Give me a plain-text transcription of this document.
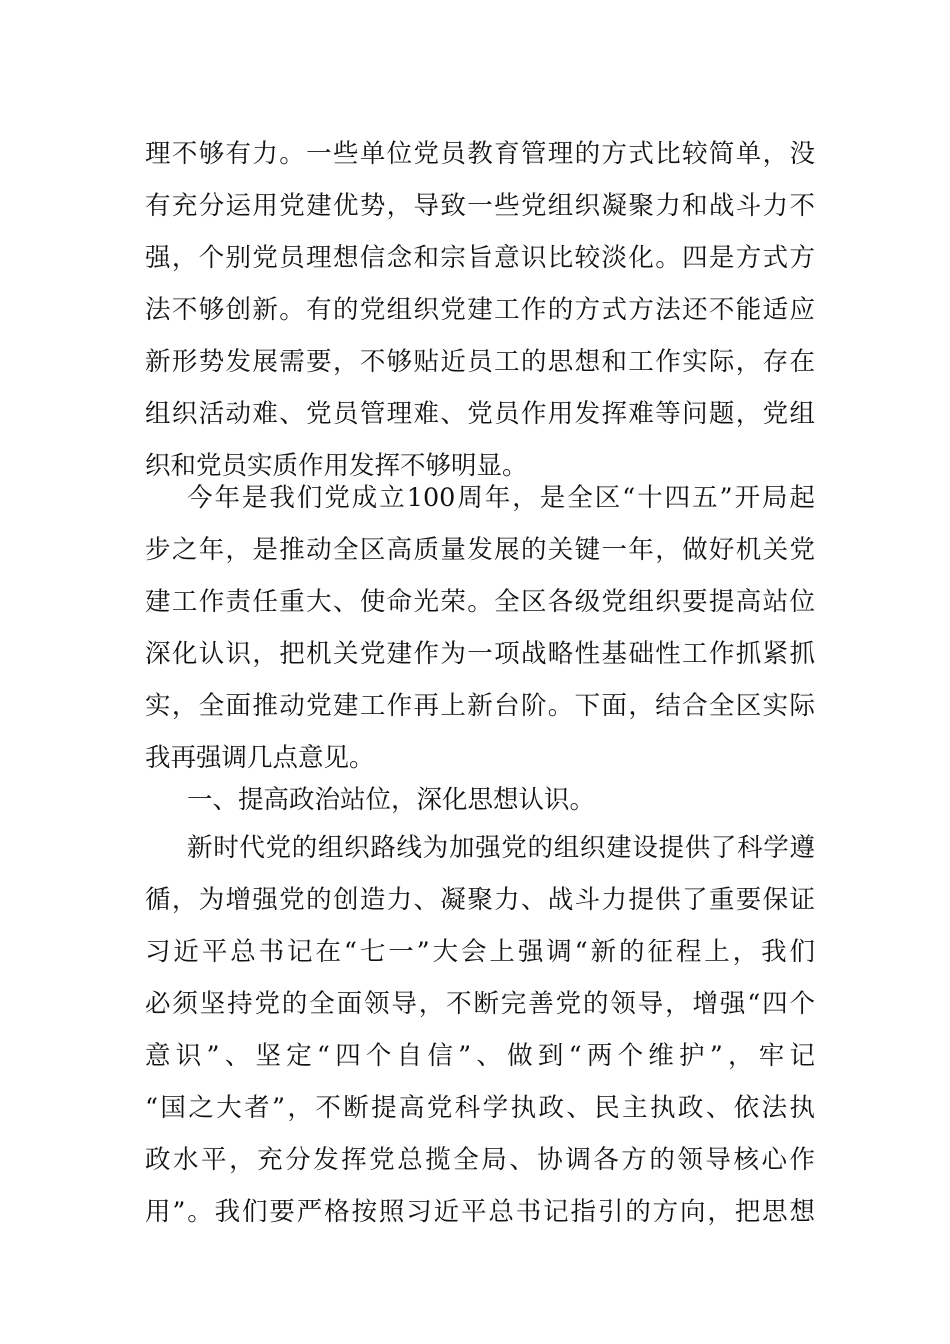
理不够有力。一些单位党员教育管理的方式比较简单，没
有充分运用党建优势，导致一些党组织凝聚力和战斗力不
强，个别党员理想信念和宗旨意识比较淡化。四是方式方
法不够创新。有的党组织党建工作的方式方法还不能适应
新形势发展需要，不够贴近员工的思想和工作实际，存在
组织活动难、党员管理难、党员作用发挥难等问题，党组
织和党员实质作用发挥不够明显。
今年是我们党成立100周年，是全区“十四五”开局起
步之年，是推动全区高质量发展的关键一年，做好机关党
建工作责任重大、使命光荣。全区各级党组织要提高站位
深化认识，把机关党建作为一项战略性基础性工作抓紧抓
实，全面推动党建工作再上新台阶。下面，结合全区实际
我再强调几点意见。
一、提高政治站位，深化思想认识。
新时代党的组织路线为加强党的组织建设提供了科学遵
循，为增强党的创造力、凝聚力、战斗力提供了重要保证
习近平总书记在“七一”大会上强调“新的征程上，我们
必须坚持党的全面领导，不断完善党的领导，增强“四个
意识”、坚定“四个自信”、做到“两个维护”，牢记
“国之大者”，不断提高党科学执政、民主执政、依法执
政水平，充分发挥党总揽全局、协调各方的领导核心作
用”。我们要严格按照习近平总书记指引的方向，把思想
